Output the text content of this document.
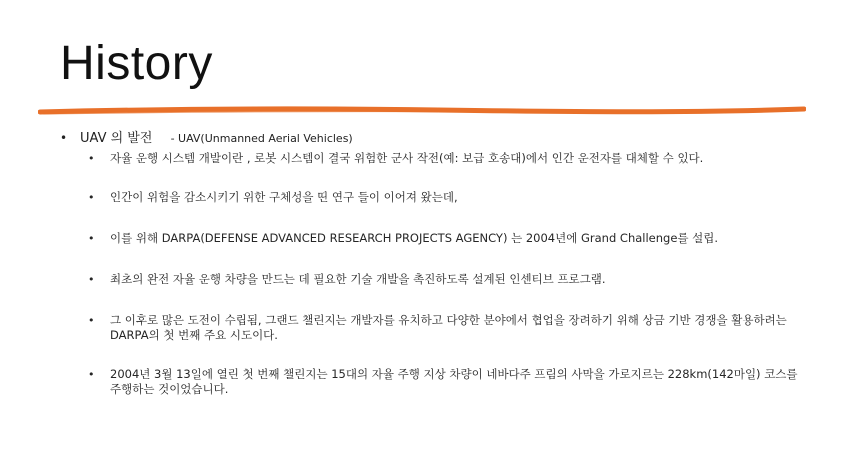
History
• UAV 의 발전 - UAV(Unmanned Aerial Vehicles)
• 자율 운행 시스템 개발이란 , 로봇 시스템이 결국 위험한 군사 작전(예: 보급 호송대)에서 인간 운전자를 대체할 수 있다.
• 인간이 위험을 감소시키기 위한 구체성을 띤 연구 들이 이어져 왔는데,
• 이를 위해 DARPA(DEFENSE ADVANCED RESEARCH PROJECTS AGENCY) 는 2004년에 Grand Challenge를 설립.
• 최초의 완전 자율 운행 차량을 만드는 데 필요한 기술 개발을 촉진하도록 설계된 인센티브 프로그램.
• 그 이후로 많은 도전이 수립됨, 그랜드 챌린지는 개발자를 유치하고 다양한 분야에서 협업을 장려하기 위해 상금 기반 경쟁을 활용하려는 DARPA의 첫 번째 주요 시도이다.
• 2004년 3월 13일에 열린 첫 번째 챌린지는 15대의 자율 주행 지상 차량이 네바다주 프림의 사막을 가로지르는 228km(142마일) 코스를 주행하는 것이었습니다.
